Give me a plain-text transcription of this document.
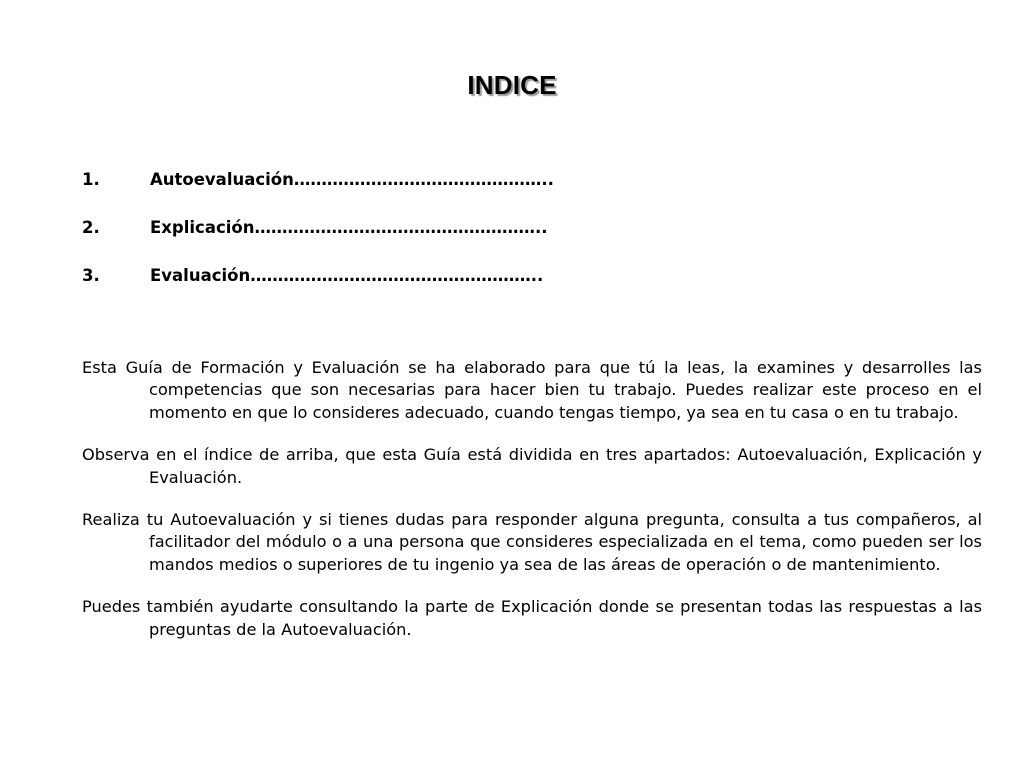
INDICE
1.	Autoevaluación………………………………………..
2.	Explicación……………………………………………..
3.	Evaluación……………………………………………..

Esta Guía de Formación y Evaluación se ha elaborado para que tú la leas, la examines y desarrolles las competencias que son necesarias para hacer bien tu trabajo. Puedes realizar este proceso en el momento en que lo consideres adecuado, cuando tengas tiempo, ya sea en tu casa o en tu trabajo.

Observa en el índice de arriba, que esta Guía está dividida en tres apartados: Autoevaluación, Explicación y Evaluación.

Realiza tu Autoevaluación y si tienes dudas para responder alguna pregunta, consulta a tus compañeros, al facilitador del módulo o a una persona que consideres especializada en el tema, como pueden ser los mandos medios o superiores de tu ingenio ya sea de las áreas de operación o de mantenimiento.

Puedes también ayudarte consultando la parte de Explicación donde se presentan todas las respuestas a las preguntas de la Autoevaluación.
